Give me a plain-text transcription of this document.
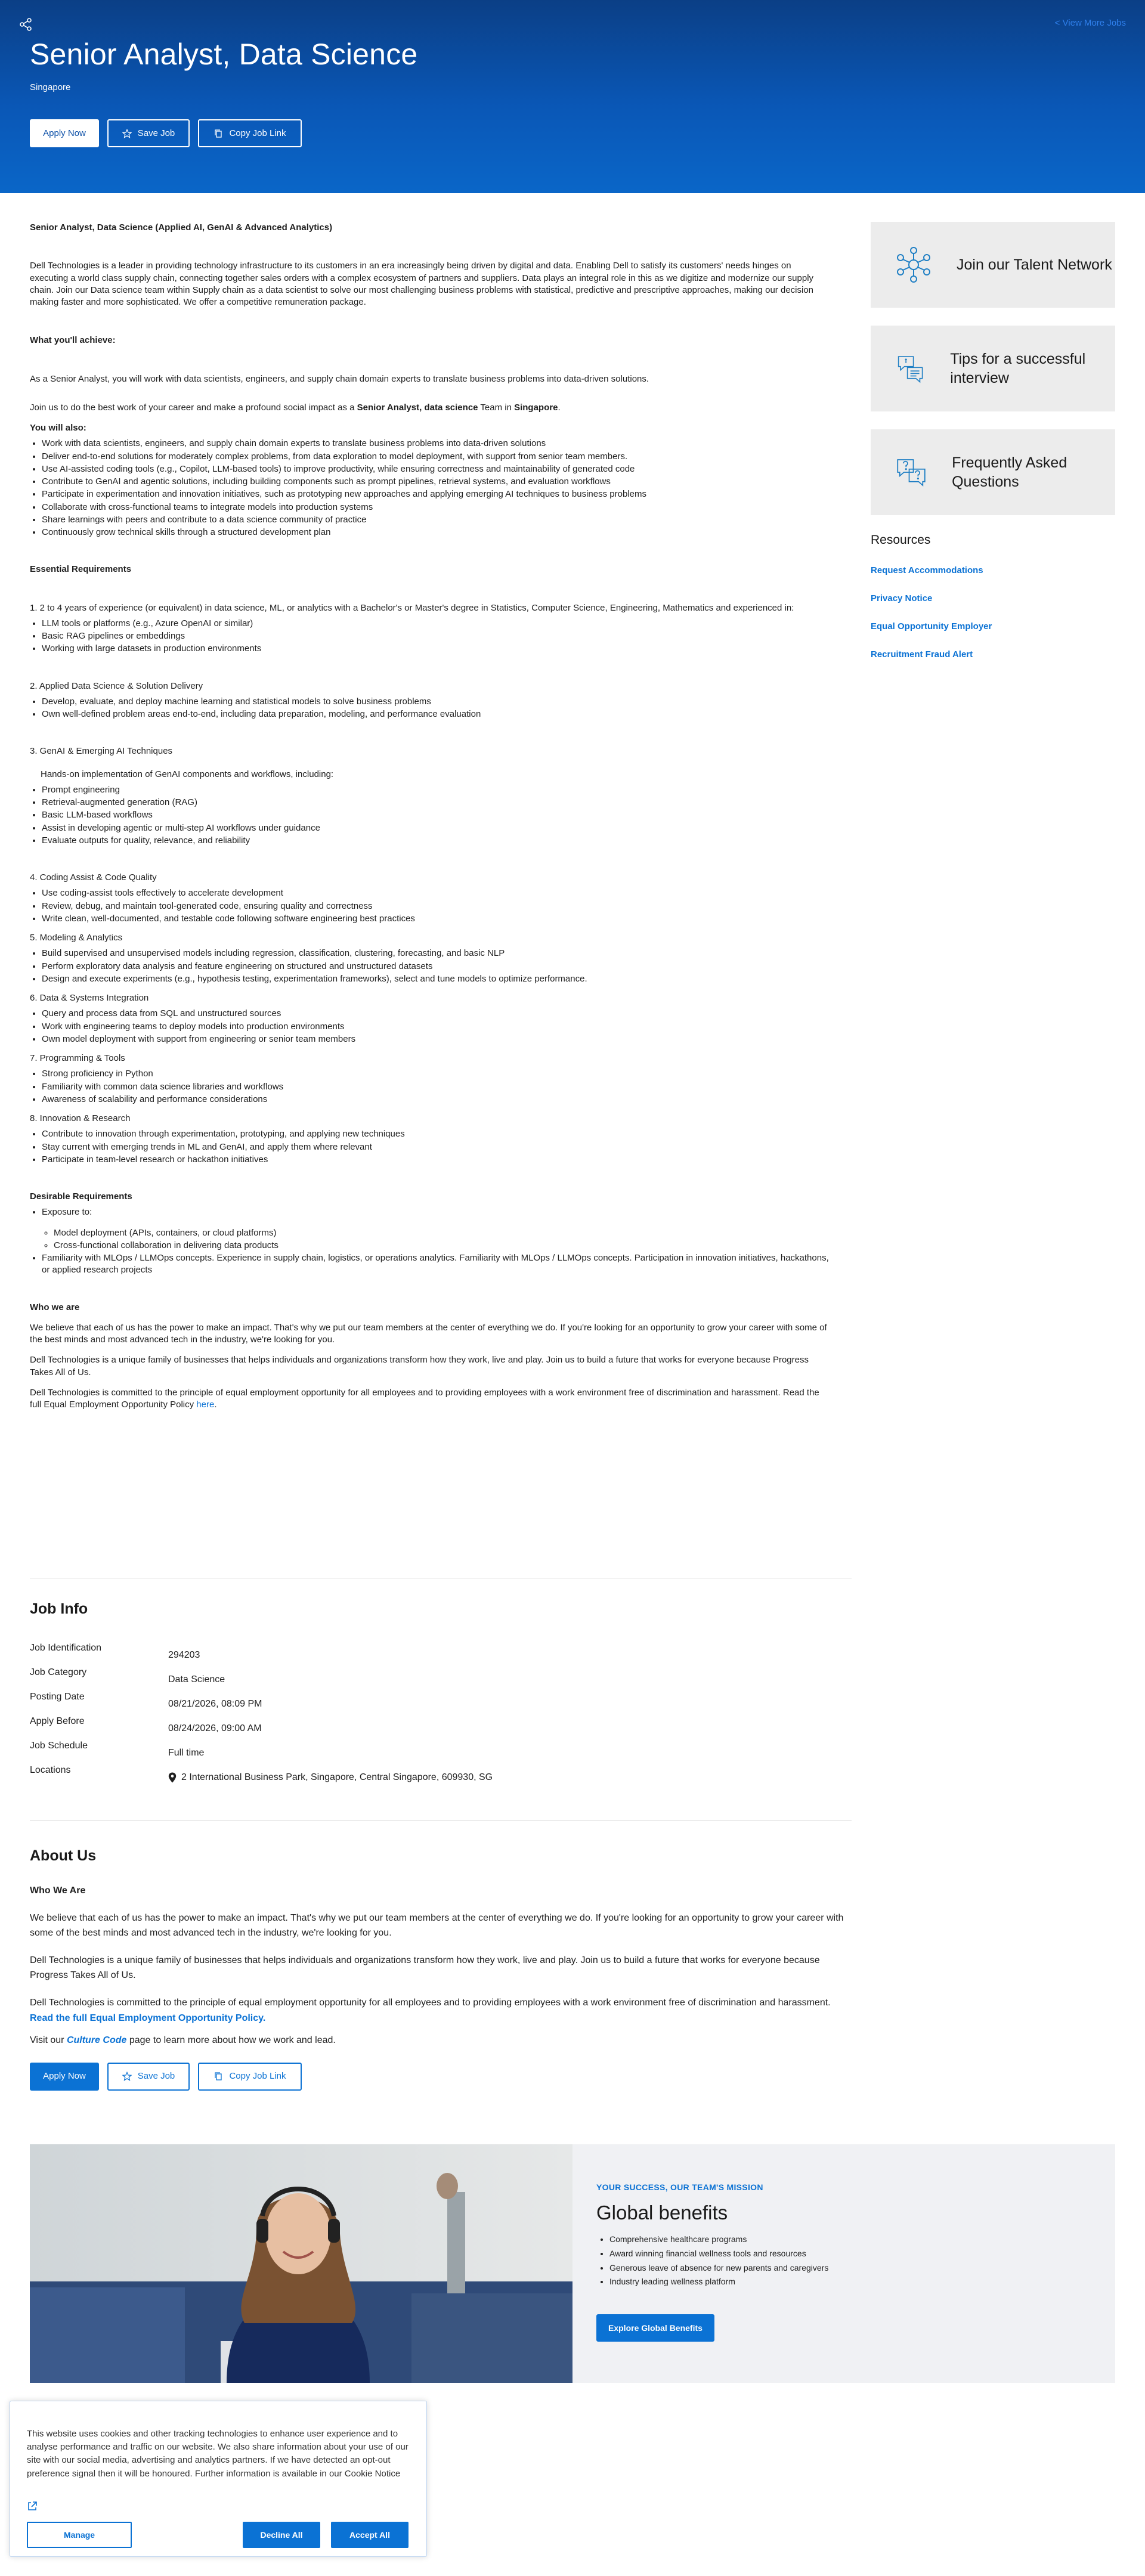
< View More Jobs
Senior Analyst, Data Science
Singapore
Apply Now	Save Job	Copy Job Link

Senior Analyst, Data Science (Applied AI, GenAI & Advanced Analytics)

Dell Technologies is a leader in providing technology infrastructure to its customers in an era increasingly being driven by digital and data. Enabling Dell to satisfy its customers' needs hinges on executing a world class supply chain, connecting together sales orders with a complex ecosystem of partners and suppliers. Data plays an integral role in this as we digitize and modernize our supply chain. Join our Data science team within Supply chain as a data scientist to solve our most challenging business problems with statistical, predictive and prescriptive approaches, making our decision making faster and more sophisticated. We offer a competitive remuneration package.

What you'll achieve:

As a Senior Analyst, you will work with data scientists, engineers, and supply chain domain experts to translate business problems into data-driven solutions.

Join us to do the best work of your career and make a profound social impact as a Senior Analyst, data science Team in Singapore.

You will also:

• Work with data scientists, engineers, and supply chain domain experts to translate business problems into data-driven solutions
• Deliver end-to-end solutions for moderately complex problems, from data exploration to model deployment, with support from senior team members.
• Use AI-assisted coding tools (e.g., Copilot, LLM-based tools) to improve productivity, while ensuring correctness and maintainability of generated code
• Contribute to GenAI and agentic solutions, including building components such as prompt pipelines, retrieval systems, and evaluation workflows
• Participate in experimentation and innovation initiatives, such as prototyping new approaches and applying emerging AI techniques to business problems
• Collaborate with cross-functional teams to integrate models into production systems
• Share learnings with peers and contribute to a data science community of practice
• Continuously grow technical skills through a structured development plan

Essential Requirements

1. 2 to 4 years of experience (or equivalent) in data science, ML, or analytics with a Bachelor's or Master's degree in Statistics, Computer Science, Engineering, Mathematics and experienced in:

• LLM tools or platforms (e.g., Azure OpenAI or similar)
• Basic RAG pipelines or embeddings
• Working with large datasets in production environments

2. Applied Data Science & Solution Delivery

• Develop, evaluate, and deploy machine learning and statistical models to solve business problems
• Own well-defined problem areas end-to-end, including data preparation, modeling, and performance evaluation

3. GenAI & Emerging AI Techniques

Hands-on implementation of GenAI components and workflows, including:

• Prompt engineering
• Retrieval-augmented generation (RAG)
• Basic LLM-based workflows
• Assist in developing agentic or multi-step AI workflows under guidance
• Evaluate outputs for quality, relevance, and reliability

4. Coding Assist & Code Quality

• Use coding-assist tools effectively to accelerate development
• Review, debug, and maintain tool-generated code, ensuring quality and correctness
• Write clean, well-documented, and testable code following software engineering best practices

5. Modeling & Analytics

• Build supervised and unsupervised models including regression, classification, clustering, forecasting, and basic NLP
• Perform exploratory data analysis and feature engineering on structured and unstructured datasets
• Design and execute experiments (e.g., hypothesis testing, experimentation frameworks), select and tune models to optimize performance.

6. Data & Systems Integration

• Query and process data from SQL and unstructured sources
• Work with engineering teams to deploy models into production environments
• Own model deployment with support from engineering or senior team members

7. Programming & Tools

• Strong proficiency in Python
• Familiarity with common data science libraries and workflows
• Awareness of scalability and performance considerations

8. Innovation & Research

• Contribute to innovation through experimentation, prototyping, and applying new techniques
• Stay current with emerging trends in ML and GenAI, and apply them where relevant
• Participate in team-level research or hackathon initiatives

Desirable Requirements

• Exposure to:
◦ Model deployment (APIs, containers, or cloud platforms)
◦ Cross-functional collaboration in delivering data products
• Familiarity with MLOps / LLMOps concepts. Experience in supply chain, logistics, or operations analytics. Familiarity with MLOps / LLMOps concepts. Participation in innovation initiatives, hackathons, or applied research projects

Who we are

We believe that each of us has the power to make an impact. That's why we put our team members at the center of everything we do. If you're looking for an opportunity to grow your career with some of the best minds and most advanced tech in the industry, we're looking for you.

Dell Technologies is a unique family of businesses that helps individuals and organizations transform how they work, live and play. Join us to build a future that works for everyone because Progress Takes All of Us.

Dell Technologies is committed to the principle of equal employment opportunity for all employees and to providing employees with a work environment free of discrimination and harassment. Read the full Equal Employment Opportunity Policy here.

Join our Talent Network
Tips for a successful interview
Frequently Asked Questions
Resources
Request Accommodations
Privacy Notice
Equal Opportunity Employer
Recruitment Fraud Alert
Job Info
Job Identification
294203
Job Category
Data Science
Posting Date
08/21/2026, 08:09 PM
Apply Before
08/24/2026, 09:00 AM
Job Schedule
Full time
Locations
2 International Business Park, Singapore, Central Singapore, 609930, SG
About Us
Who We Are

We believe that each of us has the power to make an impact. That's why we put our team members at the center of everything we do. If you're looking for an opportunity to grow your career with some of the best minds and most advanced tech in the industry, we're looking for you.

Dell Technologies is a unique family of businesses that helps individuals and organizations transform how they work, live and play. Join us to build a future that works for everyone because Progress Takes All of Us.

Dell Technologies is committed to the principle of equal employment opportunity for all employees and to providing employees with a work environment free of discrimination and harassment.
Read the full Equal Employment Opportunity Policy.

Visit our Culture Code page to learn more about how we work and lead.

Apply Now	Save Job	Copy Job Link
YOUR SUCCESS, OUR TEAM'S MISSION
Global benefits
• Comprehensive healthcare programs
• Award winning financial wellness tools and resources
• Generous leave of absence for new parents and caregivers
• Industry leading wellness platform
Explore Global Benefits
This website uses cookies and other tracking technologies to enhance user experience and to analyse performance and traffic on our website. We also share information about your use of our site with our social media, advertising and analytics partners. If we have detected an opt-out preference signal then it will be honoured. Further information is available in our Cookie Notice
Manage	Decline All	Accept All
